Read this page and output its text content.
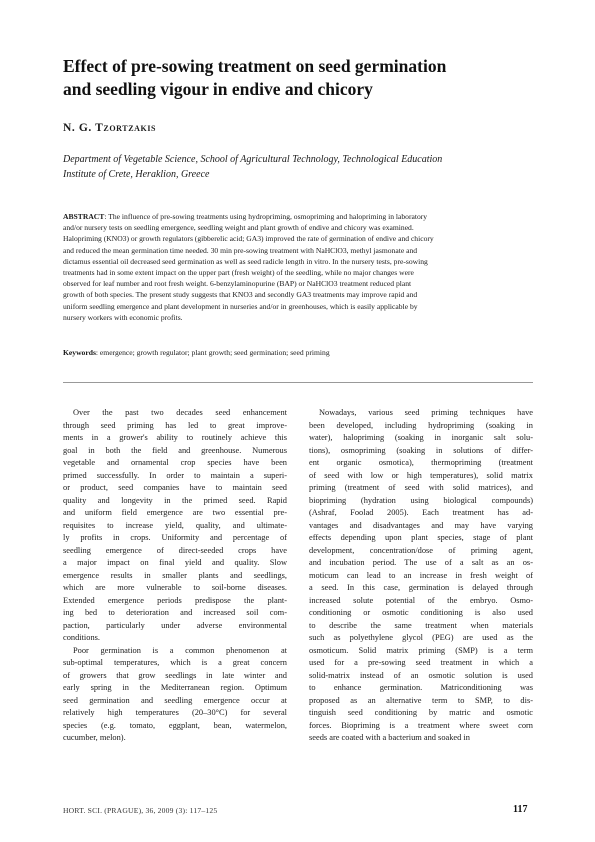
Effect of pre-sowing treatment on seed germination
and seedling vigour in endive and chicory
N. G. Tzortzakis
Department of Vegetable Science, School of Agricultural Technology, Technological Education
Institute of Crete, Heraklion, Greece
ABSTRACT: The influence of pre-sowing treatments using hydropriming, osmopriming and halopriming in laboratory
and/or nursery tests on seedling emergence, seedling weight and plant growth of endive and chicory was examined.
Halopriming (KNO3) or growth regulators (gibberelic acid; GA3) improved the rate of germination of endive and chicory
and reduced the mean germination time needed. 30 min pre-sowing treatment with NaHClO3, methyl jasmonate and
dictamus essential oil decreased seed germination as well as seed radicle length in vitro. In the nursery tests, pre-sowing
treatments had in some extent impact on the upper part (fresh weight) of the seedling, while no major changes were
observed for leaf number and root fresh weight. 6-benzylaminopurine (BAP) or NaHClO3 treatment reduced plant
growth of both species. The present study suggests that KNO3 and secondly GA3 treatments may improve rapid and
uniform seedling emergence and plant development in nurseries and/or in greenhouses, which is easily applicable by
nursery workers with economic profits.
Keywords: emergence; growth regulator; plant growth; seed germination; seed priming
Over the past two decades seed enhancement
through seed priming has led to great improve-
ments in a grower's ability to routinely achieve this
goal in both the field and greenhouse. Numerous
vegetable and ornamental crop species have been
primed successfully. In order to maintain a superi-
or product, seed companies have to maintain seed
quality and longevity in the primed seed. Rapid
and uniform field emergence are two essential pre-
requisites to increase yield, quality, and ultimate-
ly profits in crops. Uniformity and percentage of
seedling emergence of direct-seeded crops have
a major impact on final yield and quality. Slow
emergence results in smaller plants and seedlings,
which are more vulnerable to soil-borne diseases.
Extended emergence periods predispose the plant-
ing bed to deterioration and increased soil com-
paction, particularly under adverse environmental
conditions.
Poor germination is a common phenomenon at
sub-optimal temperatures, which is a great concern
of growers that grow seedlings in late winter and
early spring in the Mediterranean region. Optimum
seed germination and seedling emergence occur at
relatively high temperatures (20–30°C) for several
species (e.g. tomato, eggplant, bean, watermelon,
cucumber, melon).
Nowadays, various seed priming techniques have
been developed, including hydropriming (soaking in
water), halopriming (soaking in inorganic salt solu-
tions), osmopriming (soaking in solutions of differ-
ent organic osmotica), thermopriming (treatment
of seed with low or high temperatures), solid matrix
priming (treatment of seed with solid matrices), and
biopriming (hydration using biological compounds)
(Ashraf, Foolad 2005). Each treatment has ad-
vantages and disadvantages and may have varying
effects depending upon plant species, stage of plant
development, concentration/dose of priming agent,
and incubation period. The use of a salt as an os-
moticum can lead to an increase in fresh weight of
a seed. In this case, germination is delayed through
increased solute potential of the embryo. Osmo-
conditioning or osmotic conditioning is also used
to describe the same treatment when materials
such as polyethylene glycol (PEG) are used as the
osmoticum. Solid matrix priming (SMP) is a term
used for a pre-sowing seed treatment in which a
solid-matrix instead of an osmotic solution is used
to enhance germination. Matriconditioning was
proposed as an alternative term to SMP, to dis-
tinguish seed conditioning by matric and osmotic
forces. Biopriming is a treatment where sweet corn
seeds are coated with a bacterium and soaked in
HORT. SCI. (PRAGUE), 36, 2009 (3): 117–125	117
